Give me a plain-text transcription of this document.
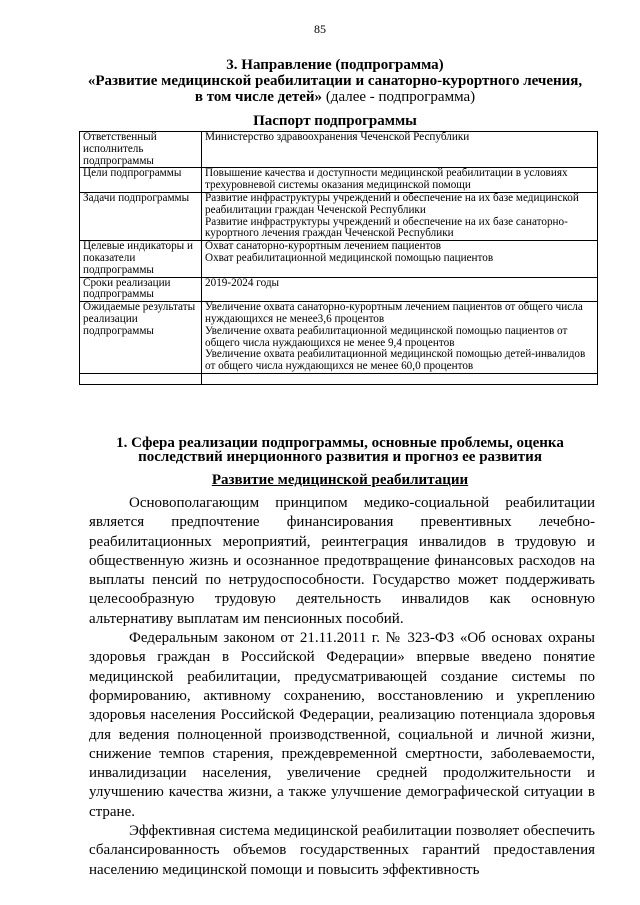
85
3. Направление (подпрограмма)
«Развитие медицинской реабилитации и санаторно-курортного лечения,
в том числе детей» (далее - подпрограмма)
Паспорт подпрограммы
Ответственный исполнитель подпрограммы	Министерство здравоохранения Чеченской Республики
Цели подпрограммы	Повышение качества и доступности медицинской реабилитации в условиях трехуровневой системы оказания медицинской помощи
Задачи подпрограммы	Развитие инфраструктуры учреждений и обеспечение на их базе медицинской реабилитации граждан Чеченской Республики
Развитие инфраструктуры учреждений и обеспечение на их базе санаторно-курортного лечения граждан Чеченской Республики
Целевые индикаторы и показатели подпрограммы	Охват санаторно-курортным лечением пациентов
Охват реабилитационной медицинской помощью пациентов
Сроки реализации подпрограммы	2019-2024 годы
Ожидаемые результаты реализации подпрограммы	Увеличение охвата санаторно-курортным лечением пациентов от общего числа нуждающихся не менее3,6 процентов
Увеличение охвата реабилитационной медицинской помощью пациентов от общего числа нуждающихся не менее 9,4 процентов
Увеличение охвата реабилитационной медицинской помощью детей-инвалидов от общего числа нуждающихся не менее 60,0 процентов

1. Сфера реализации подпрограммы, основные проблемы, оценка последствий инерционного развития и прогноз ее развития
Развитие медицинской реабилитации

Основополагающим принципом медико-социальной реабилитации является предпочтение финансирования превентивных лечебно-реабилитационных мероприятий, реинтеграция инвалидов в трудовую и общественную жизнь и осознанное предотвращение финансовых расходов на выплаты пенсий по нетрудоспособности. Государство может поддерживать целесообразную трудовую деятельность инвалидов как основную альтернативу выплатам им пенсионных пособий.

Федеральным законом от 21.11.2011 г. № 323-ФЗ «Об основах охраны здоровья граждан в Российской Федерации» впервые введено понятие медицинской реабилитации, предусматривающей создание системы по формированию, активному сохранению, восстановлению и укреплению здоровья населения Российской Федерации, реализацию потенциала здоровья для ведения полноценной производственной, социальной и личной жизни, снижение темпов старения, преждевременной смертности, заболеваемости, инвалидизации населения, увеличение средней продолжительности и улучшению качества жизни, а также улучшение демографической ситуации в стране.

Эффективная система медицинской реабилитации позволяет обеспечить сбалансированность объемов государственных гарантий предоставления населению медицинской помощи и повысить эффективность
